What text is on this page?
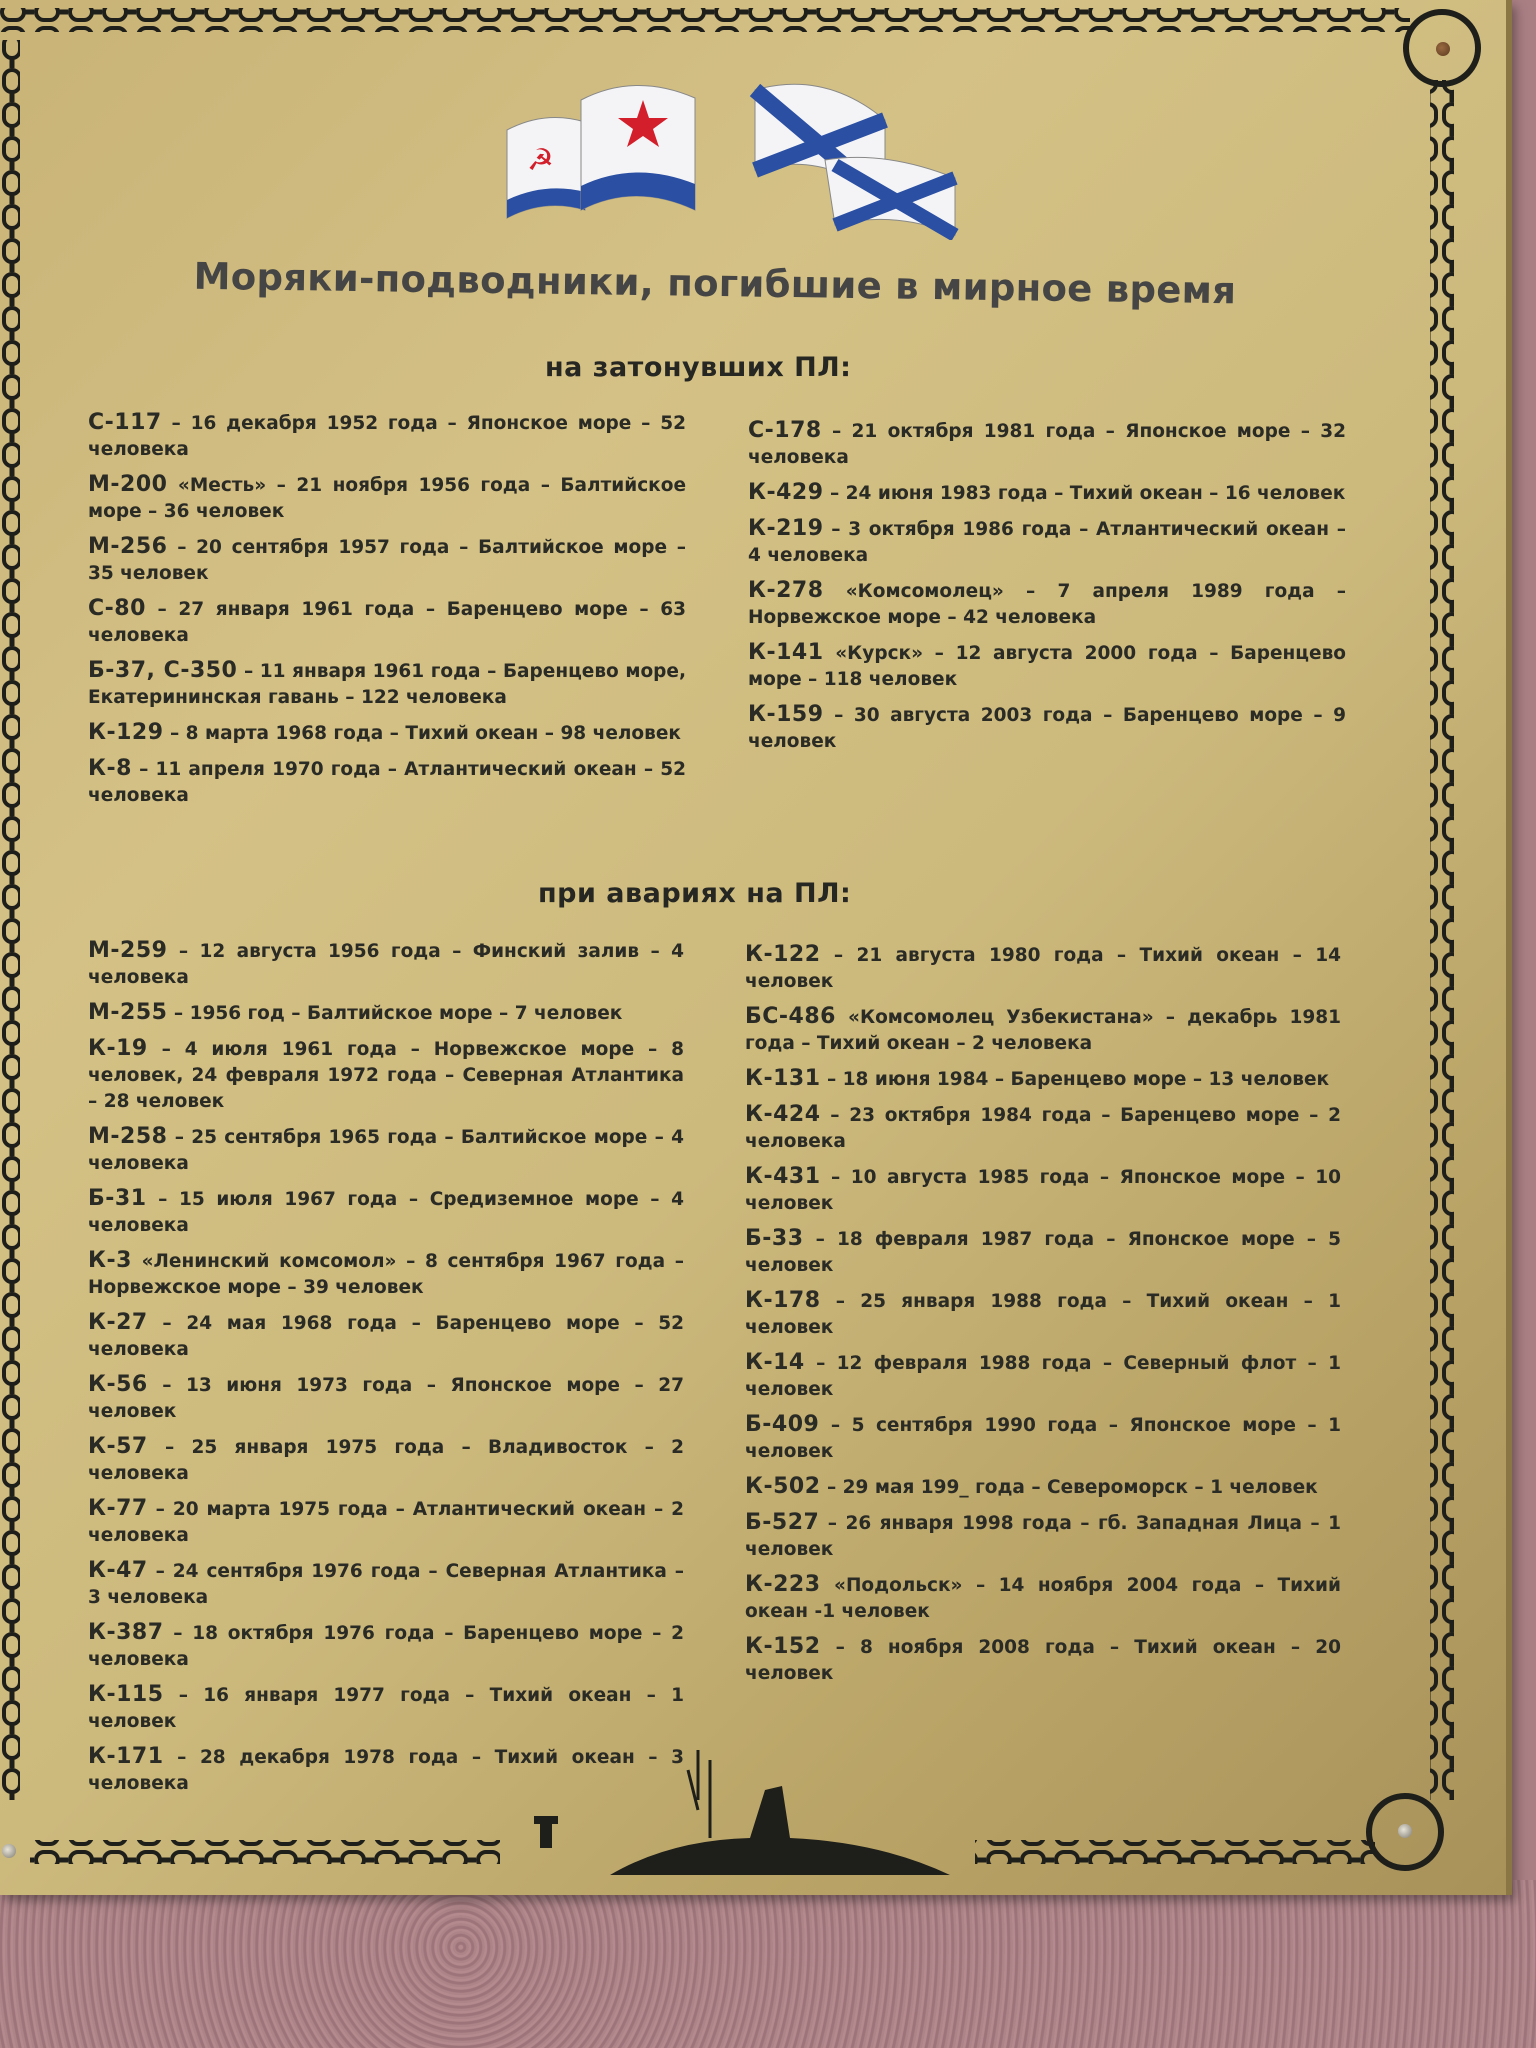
☭
Моряки-подводники, погибшие в мирное время
на затонувших ПЛ:
С-117 – 16 декабря 1952 года – Японское море – 52 человека
М-200 «Месть» – 21 ноября 1956 года – Балтийское море – 36 человек
М-256 – 20 сентября 1957 года – Балтийское море – 35 человек
С-80 – 27 января 1961 года – Баренцево море – 63 человека
Б-37, С-350 – 11 января 1961 года – Баренцево море, Екатерининская гавань – 122 человека
К-129 – 8 марта 1968 года – Тихий океан – 98 человек
К-8 – 11 апреля 1970 года – Атлантический океан – 52 человека
С-178 – 21 октября 1981 года – Японское море – 32 человека
К-429 – 24 июня 1983 года – Тихий океан – 16 человек
К-219 – 3 октября 1986 года – Атлантический океан – 4 человека
К-278 «Комсомолец» – 7 апреля 1989 года – Норвежское море – 42 человека
К-141 «Курск» – 12 августа 2000 года – Баренцево море – 118 человек
К-159 – 30 августа 2003 года – Баренцево море – 9 человек
при авариях на ПЛ:
М-259 – 12 августа 1956 года – Финский залив – 4 человека
М-255 – 1956 год – Балтийское море – 7 человек
К-19 – 4 июля 1961 года – Норвежское море – 8 человек, 24 февраля 1972 года – Северная Атлантика – 28 человек
М-258 – 25 сентября 1965 года – Балтийское море – 4 человека
Б-31 – 15 июля 1967 года – Средиземное море – 4 человека
К-3 «Ленинский комсомол» – 8 сентября 1967 года – Норвежское море – 39 человек
К-27 – 24 мая 1968 года – Баренцево море – 52 человека
К-56 – 13 июня 1973 года – Японское море – 27 человек
К-57 – 25 января 1975 года – Владивосток – 2 человека
К-77 – 20 марта 1975 года – Атлантический океан – 2 человека
К-47 – 24 сентября 1976 года – Северная Атлантика – 3 человека
К-387 – 18 октября 1976 года – Баренцево море – 2 человека
К-115 – 16 января 1977 года – Тихий океан – 1 человек
К-171 – 28 декабря 1978 года – Тихий океан – 3 человека
К-122 – 21 августа 1980 года – Тихий океан – 14 человек
БС-486 «Комсомолец Узбекистана» – декабрь 1981 года – Тихий океан – 2 человека
К-131 – 18 июня 1984 – Баренцево море – 13 человек
К-424 – 23 октября 1984 года – Баренцево море – 2 человека
К-431 – 10 августа 1985 года – Японское море – 10 человек
Б-33 – 18 февраля 1987 года – Японское море – 5 человек
К-178 – 25 января 1988 года – Тихий океан – 1 человек
К-14 – 12 февраля 1988 года – Северный флот – 1 человек
Б-409 – 5 сентября 1990 года – Японское море – 1 человек
К-502 – 29 мая 199_ года – Североморск – 1 человек
Б-527 – 26 января 1998 года – гб. Западная Лица – 1 человек
К-223 «Подольск» – 14 ноября 2004 года – Тихий океан -1 человек
К-152 – 8 ноября 2008 года – Тихий океан – 20 человек
